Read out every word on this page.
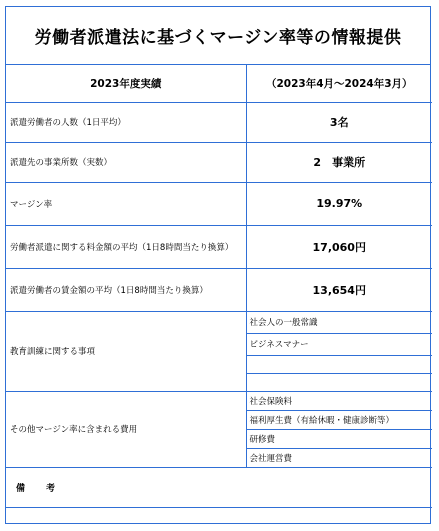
労働者派遣法に基づくマージン率等の情報提供
2023年度実績	（2023年4月～2024年3月）
派遣労働者の人数（1日平均）	3名
派遣先の事業所数（実数）	2　事業所
マージン率	19.97%
労働者派遣に関する料金額の平均（1日8時間当たり換算）	17,060円
派遣労働者の賃金額の平均（1日8時間当たり換算）	13,654円
教育訓練に関する事項	社会人の一般常識
	ビジネスマナー

その他マージン率に含まれる費用	社会保険料
	福利厚生費（有給休暇・健康診断等）
	研修費
	会社運営費
備　考	
